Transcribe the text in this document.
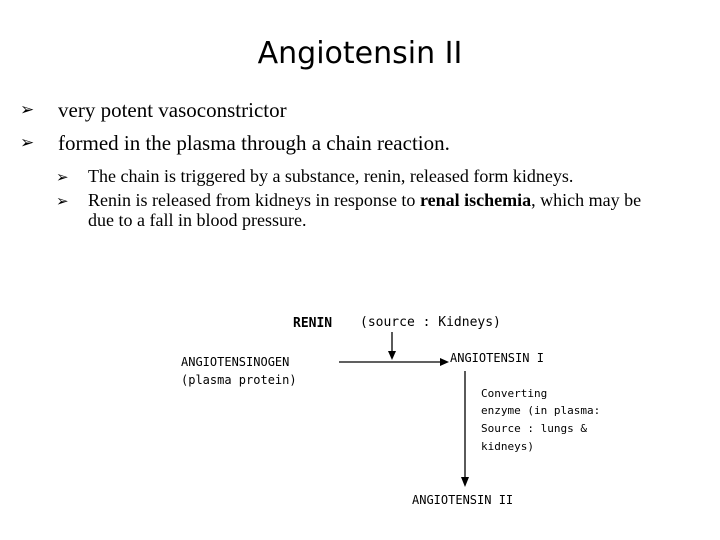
Angiotensin II
➢ very potent vasoconstrictor
➢ formed in the plasma through a chain reaction.
➢ The chain is triggered by a substance, renin, released form kidneys.
➢ Renin is released from kidneys in response to renal ischemia, which may be due to a fall in blood pressure.
RENIN (source : Kidneys)
ANGIOTENSINOGEN
(plasma protein)
ANGIOTENSIN I
Converting
enzyme (in plasma:
Source : lungs &
kidneys)
ANGIOTENSIN II
